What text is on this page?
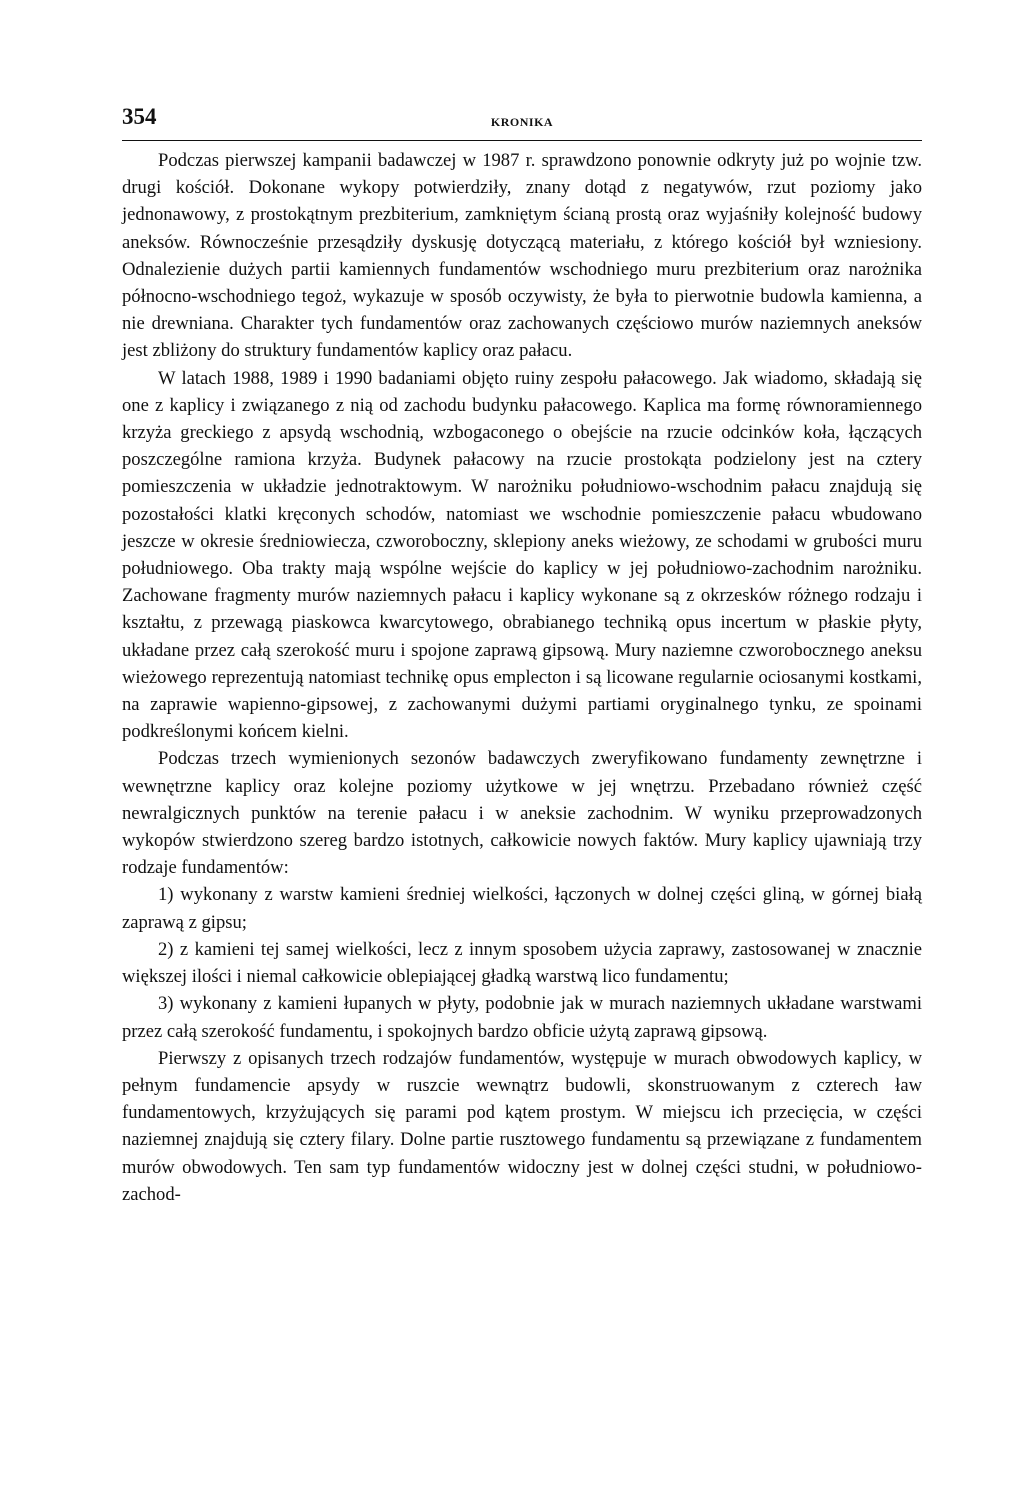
354	KRONIKA

Podczas pierwszej kampanii badawczej w 1987 r. sprawdzono ponownie odkryty już po wojnie tzw. drugi kościół. Dokonane wykopy potwierdziły, znany dotąd z negatywów, rzut poziomy jako jednonawowy, z prostokątnym prezbiterium, zamkniętym ścianą prostą oraz wyjaśniły kolejność budowy aneksów. Równocześnie przesądziły dyskusję dotyczącą materiału, z którego kościół był wzniesiony. Odnalezienie dużych partii kamiennych fundamentów wschodniego muru prezbiterium oraz narożnika północno-wschodniego tegoż, wykazuje w sposób oczywisty, że była to pierwotnie budowla kamienna, a nie drewniana. Charakter tych fundamentów oraz zachowanych częściowo murów naziemnych aneksów jest zbliżony do struktury fundamentów kaplicy oraz pałacu.

W latach 1988, 1989 i 1990 badaniami objęto ruiny zespołu pałacowego. Jak wiadomo, składają się one z kaplicy i związanego z nią od zachodu budynku pałacowego. Kaplica ma formę równoramiennego krzyża greckiego z apsydą wschodnią, wzbogaconego o obejście na rzucie odcinków koła, łączących poszczególne ramiona krzyża. Budynek pałacowy na rzucie prostokąta podzielony jest na cztery pomieszczenia w układzie jednotraktowym. W narożniku południowo-wschodnim pałacu znajdują się pozostałości klatki kręconych schodów, natomiast we wschodnie pomieszczenie pałacu wbudowano jeszcze w okresie średniowiecza, czworoboczny, sklepiony aneks wieżowy, ze schodami w grubości muru południowego. Oba trakty mają wspólne wejście do kaplicy w jej południowo-zachodnim narożniku. Zachowane fragmenty murów naziemnych pałacu i kaplicy wykonane są z okrzesków różnego rodzaju i kształtu, z przewagą piaskowca kwarcytowego, obrabianego techniką opus incertum w płaskie płyty, układane przez całą szerokość muru i spojone zaprawą gipsową. Mury naziemne czworobocznego aneksu wieżowego reprezentują natomiast technikę opus emplecton i są licowane regularnie ociosanymi kostkami, na zaprawie wapienno-gipsowej, z zachowanymi dużymi partiami oryginalnego tynku, ze spoinami podkreślonymi końcem kielni.

Podczas trzech wymienionych sezonów badawczych zweryfikowano fundamenty zewnętrzne i wewnętrzne kaplicy oraz kolejne poziomy użytkowe w jej wnętrzu. Przebadano również część newralgicznych punktów na terenie pałacu i w aneksie zachodnim. W wyniku przeprowadzonych wykopów stwierdzono szereg bardzo istotnych, całkowicie nowych faktów. Mury kaplicy ujawniają trzy rodzaje fundamentów:

1) wykonany z warstw kamieni średniej wielkości, łączonych w dolnej części gliną, w górnej białą zaprawą z gipsu;

2) z kamieni tej samej wielkości, lecz z innym sposobem użycia zaprawy, zastosowanej w znacznie większej ilości i niemal całkowicie oblepiającej gładką warstwą lico fundamentu;

3) wykonany z kamieni łupanych w płyty, podobnie jak w murach naziemnych układane warstwami przez całą szerokość fundamentu, i spokojnych bardzo obficie użytą zaprawą gipsową.

Pierwszy z opisanych trzech rodzajów fundamentów, występuje w murach obwodowych kaplicy, w pełnym fundamencie apsydy w ruszcie wewnątrz budowli, skonstruowanym z czterech ław fundamentowych, krzyżujących się parami pod kątem prostym. W miejscu ich przecięcia, w części naziemnej znajdują się cztery filary. Dolne partie rusztowego fundamentu są przewiązane z fundamentem murów obwodowych. Ten sam typ fundamentów widoczny jest w dolnej części studni, w południowo-zachod-
